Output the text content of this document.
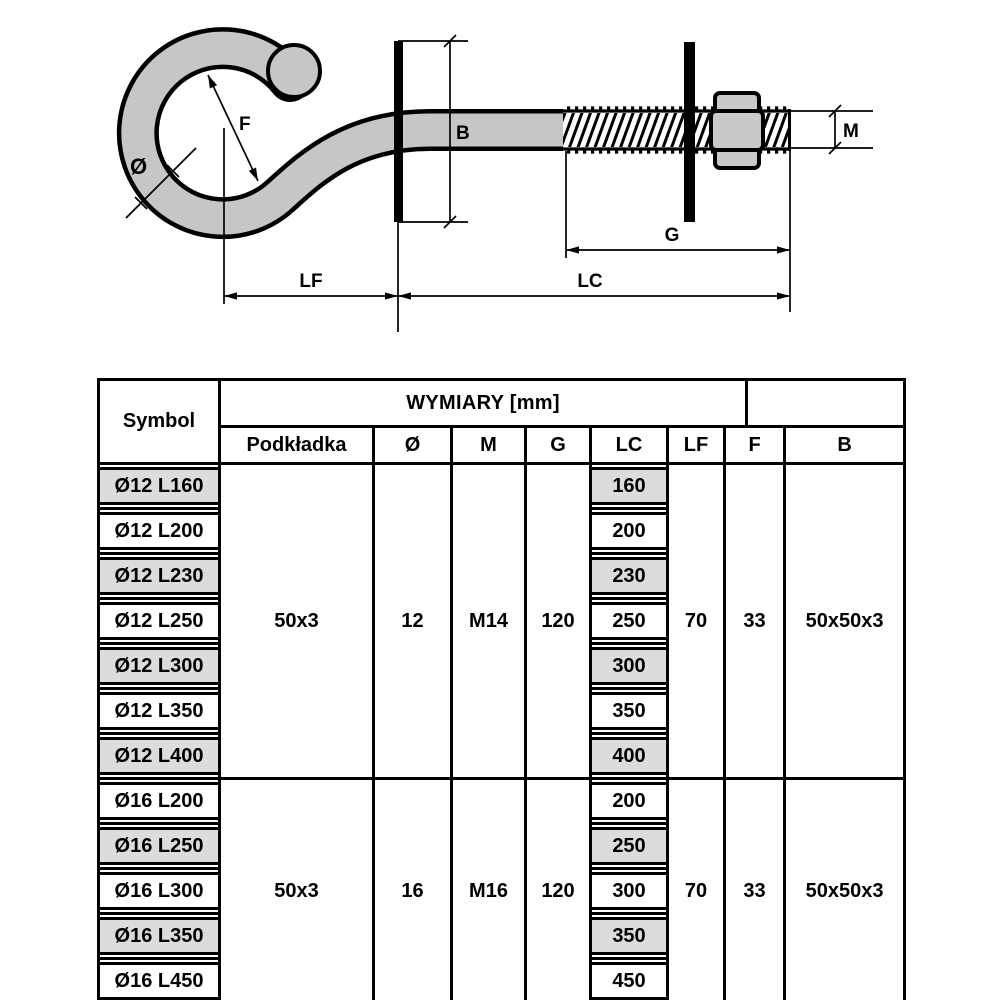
B	M
G
LF	LC
F
Ø
Symbol	WYMIARY [mm]								
	Podkładka	Ø	M	G	LC	LF	F		B

Ø12 L160	50x3	12	M14	120	160	70	33		50x50x3

Ø12 L200					200				

Ø12 L230					230				

Ø12 L250					250				

Ø12 L300					300				

Ø12 L350					350				

Ø12 L400					400				

Ø16 L200	50x3	16	M16	120	200	70	33		50x50x3

Ø16 L250					250				

Ø16 L300					300				

Ø16 L350					350				

Ø16 L450					450				
